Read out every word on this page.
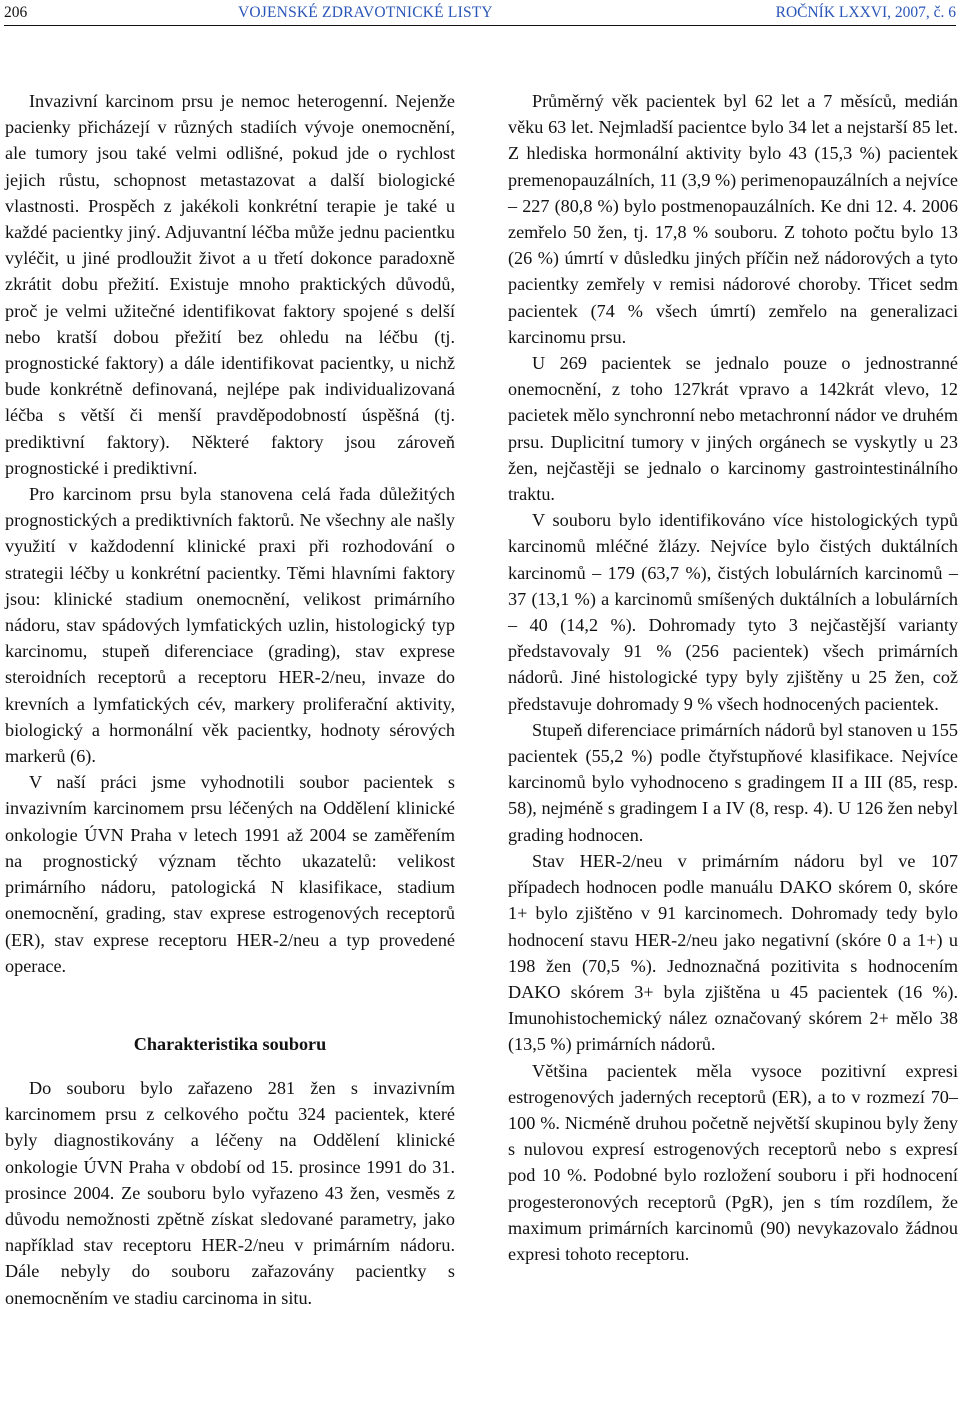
206	VOJENSKÉ ZDRAVOTNICKÉ LISTY	ROČNÍK LXXVI, 2007, č. 6

Invazivní karcinom prsu je nemoc heterogenní. Nejenže pacienky přicházejí v různých stadiích vývoje onemocnění, ale tumory jsou také velmi odlišné, pokud jde o rychlost jejich růstu, schopnost metastazovat a další biologické vlastnosti. Prospěch z jakékoli konkrétní terapie je také u každé pacientky jiný. Adjuvantní léčba může jednu pacientku vyléčit, u jiné prodloužit život a u třetí dokonce paradoxně zkrátit dobu přežití. Existuje mnoho praktických důvodů, proč je velmi užitečné identifikovat faktory spojené s delší nebo kratší dobou přežití bez ohledu na léčbu (tj. prognostické faktory) a dále identifikovat pacientky, u nichž bude konkrétně definovaná, nejlépe pak individualizovaná léčba s větší či menší pravděpodobností úspěšná (tj. prediktivní faktory). Některé faktory jsou zároveň prognostické i prediktivní.

Pro karcinom prsu byla stanovena celá řada důležitých prognostických a prediktivních faktorů. Ne všechny ale našly využití v každodenní klinické praxi při rozhodování o strategii léčby u konkrétní pacientky. Těmi hlavními faktory jsou: klinické stadium onemocnění, velikost primárního nádoru, stav spádových lymfatických uzlin, histologický typ karcinomu, stupeň diferenciace (grading), stav exprese steroidních receptorů a receptoru HER-2/neu, invaze do krevních a lymfatických cév, markery proliferační aktivity, biologický a hormonální věk pacientky, hodnoty sérových markerů (6).

V naší práci jsme vyhodnotili soubor pacientek s invazivním karcinomem prsu léčených na Oddělení klinické onkologie ÚVN Praha v letech 1991 až 2004 se zaměřením na prognostický význam těchto ukazatelů: velikost primárního nádoru, patologická N klasifikace, stadium onemocnění, grading, stav exprese estrogenových receptorů (ER), stav exprese receptoru HER-2/neu a typ provedené operace.

Charakteristika souboru

Do souboru bylo zařazeno 281 žen s invazivním karcinomem prsu z celkového počtu 324 pacientek, které byly diagnostikovány a léčeny na Oddělení klinické onkologie ÚVN Praha v období od 15. prosince 1991 do 31. prosince 2004. Ze souboru bylo vyřazeno 43 žen, vesměs z důvodu nemožnosti zpětně získat sledované parametry, jako například stav receptoru HER-2/neu v primárním nádoru. Dále nebyly do souboru zařazovány pacientky s onemocněním ve stadiu carcinoma in situ.

Průměrný věk pacientek byl 62 let a 7 měsíců, medián věku 63 let. Nejmladší pacientce bylo 34 let a nejstarší 85 let. Z hlediska hormonální aktivity bylo 43 (15,3 %) pacientek premenopauzálních, 11 (3,9 %) perimenopauzálních a nejvíce – 227 (80,8 %) bylo postmenopauzálních. Ke dni 12. 4. 2006 zemřelo 50 žen, tj. 17,8 % souboru. Z tohoto počtu bylo 13 (26 %) úmrtí v důsledku jiných příčin než nádorových a tyto pacientky zemřely v remisi nádorové choroby. Třicet sedm pacientek (74 % všech úmrtí) zemřelo na generalizaci karcinomu prsu.

U 269 pacientek se jednalo pouze o jednostranné onemocnění, z toho 127krát vpravo a 142krát vlevo, 12 pacietek mělo synchronní nebo metachronní nádor ve druhém prsu. Duplicitní tumory v jiných orgánech se vyskytly u 23 žen, nejčastěji se jednalo o karcinomy gastrointestinálního traktu.

V souboru bylo identifikováno více histologických typů karcinomů mléčné žlázy. Nejvíce bylo čistých duktálních karcinomů – 179 (63,7 %), čistých lobulárních karcinomů – 37 (13,1 %) a karcinomů smíšených duktálních a lobulárních – 40 (14,2 %). Dohromady tyto 3 nejčastější varianty představovaly 91 % (256 pacientek) všech primárních nádorů. Jiné histologické typy byly zjištěny u 25 žen, což představuje dohromady 9 % všech hodnocených pacientek.

Stupeň diferenciace primárních nádorů byl stanoven u 155 pacientek (55,2 %) podle čtyřstupňové klasifikace. Nejvíce karcinomů bylo vyhodnoceno s gradingem II a III (85, resp. 58), nejméně s gradingem I a IV (8, resp. 4). U 126 žen nebyl grading hodnocen.

Stav HER-2/neu v primárním nádoru byl ve 107 případech hodnocen podle manuálu DAKO skórem 0, skóre 1+ bylo zjištěno v 91 karcinomech. Dohromady tedy bylo hodnocení stavu HER-2/neu jako negativní (skóre 0 a 1+) u 198 žen (70,5 %). Jednoznačná pozitivita s hodnocením DAKO skórem 3+ byla zjištěna u 45 pacientek (16 %). Imunohistochemický nález označovaný skórem 2+ mělo 38 (13,5 %) primárních nádorů.

Většina pacientek měla vysoce pozitivní expresi estrogenových jaderných receptorů (ER), a to v rozmezí 70–100 %. Nicméně druhou početně největší skupinou byly ženy s nulovou expresí estrogenových receptorů nebo s expresí pod 10 %. Podobné bylo rozložení souboru i při hodnocení progesteronových receptorů (PgR), jen s tím rozdílem, že maximum primárních karcinomů (90) nevykazovalo žádnou expresi tohoto receptoru.
